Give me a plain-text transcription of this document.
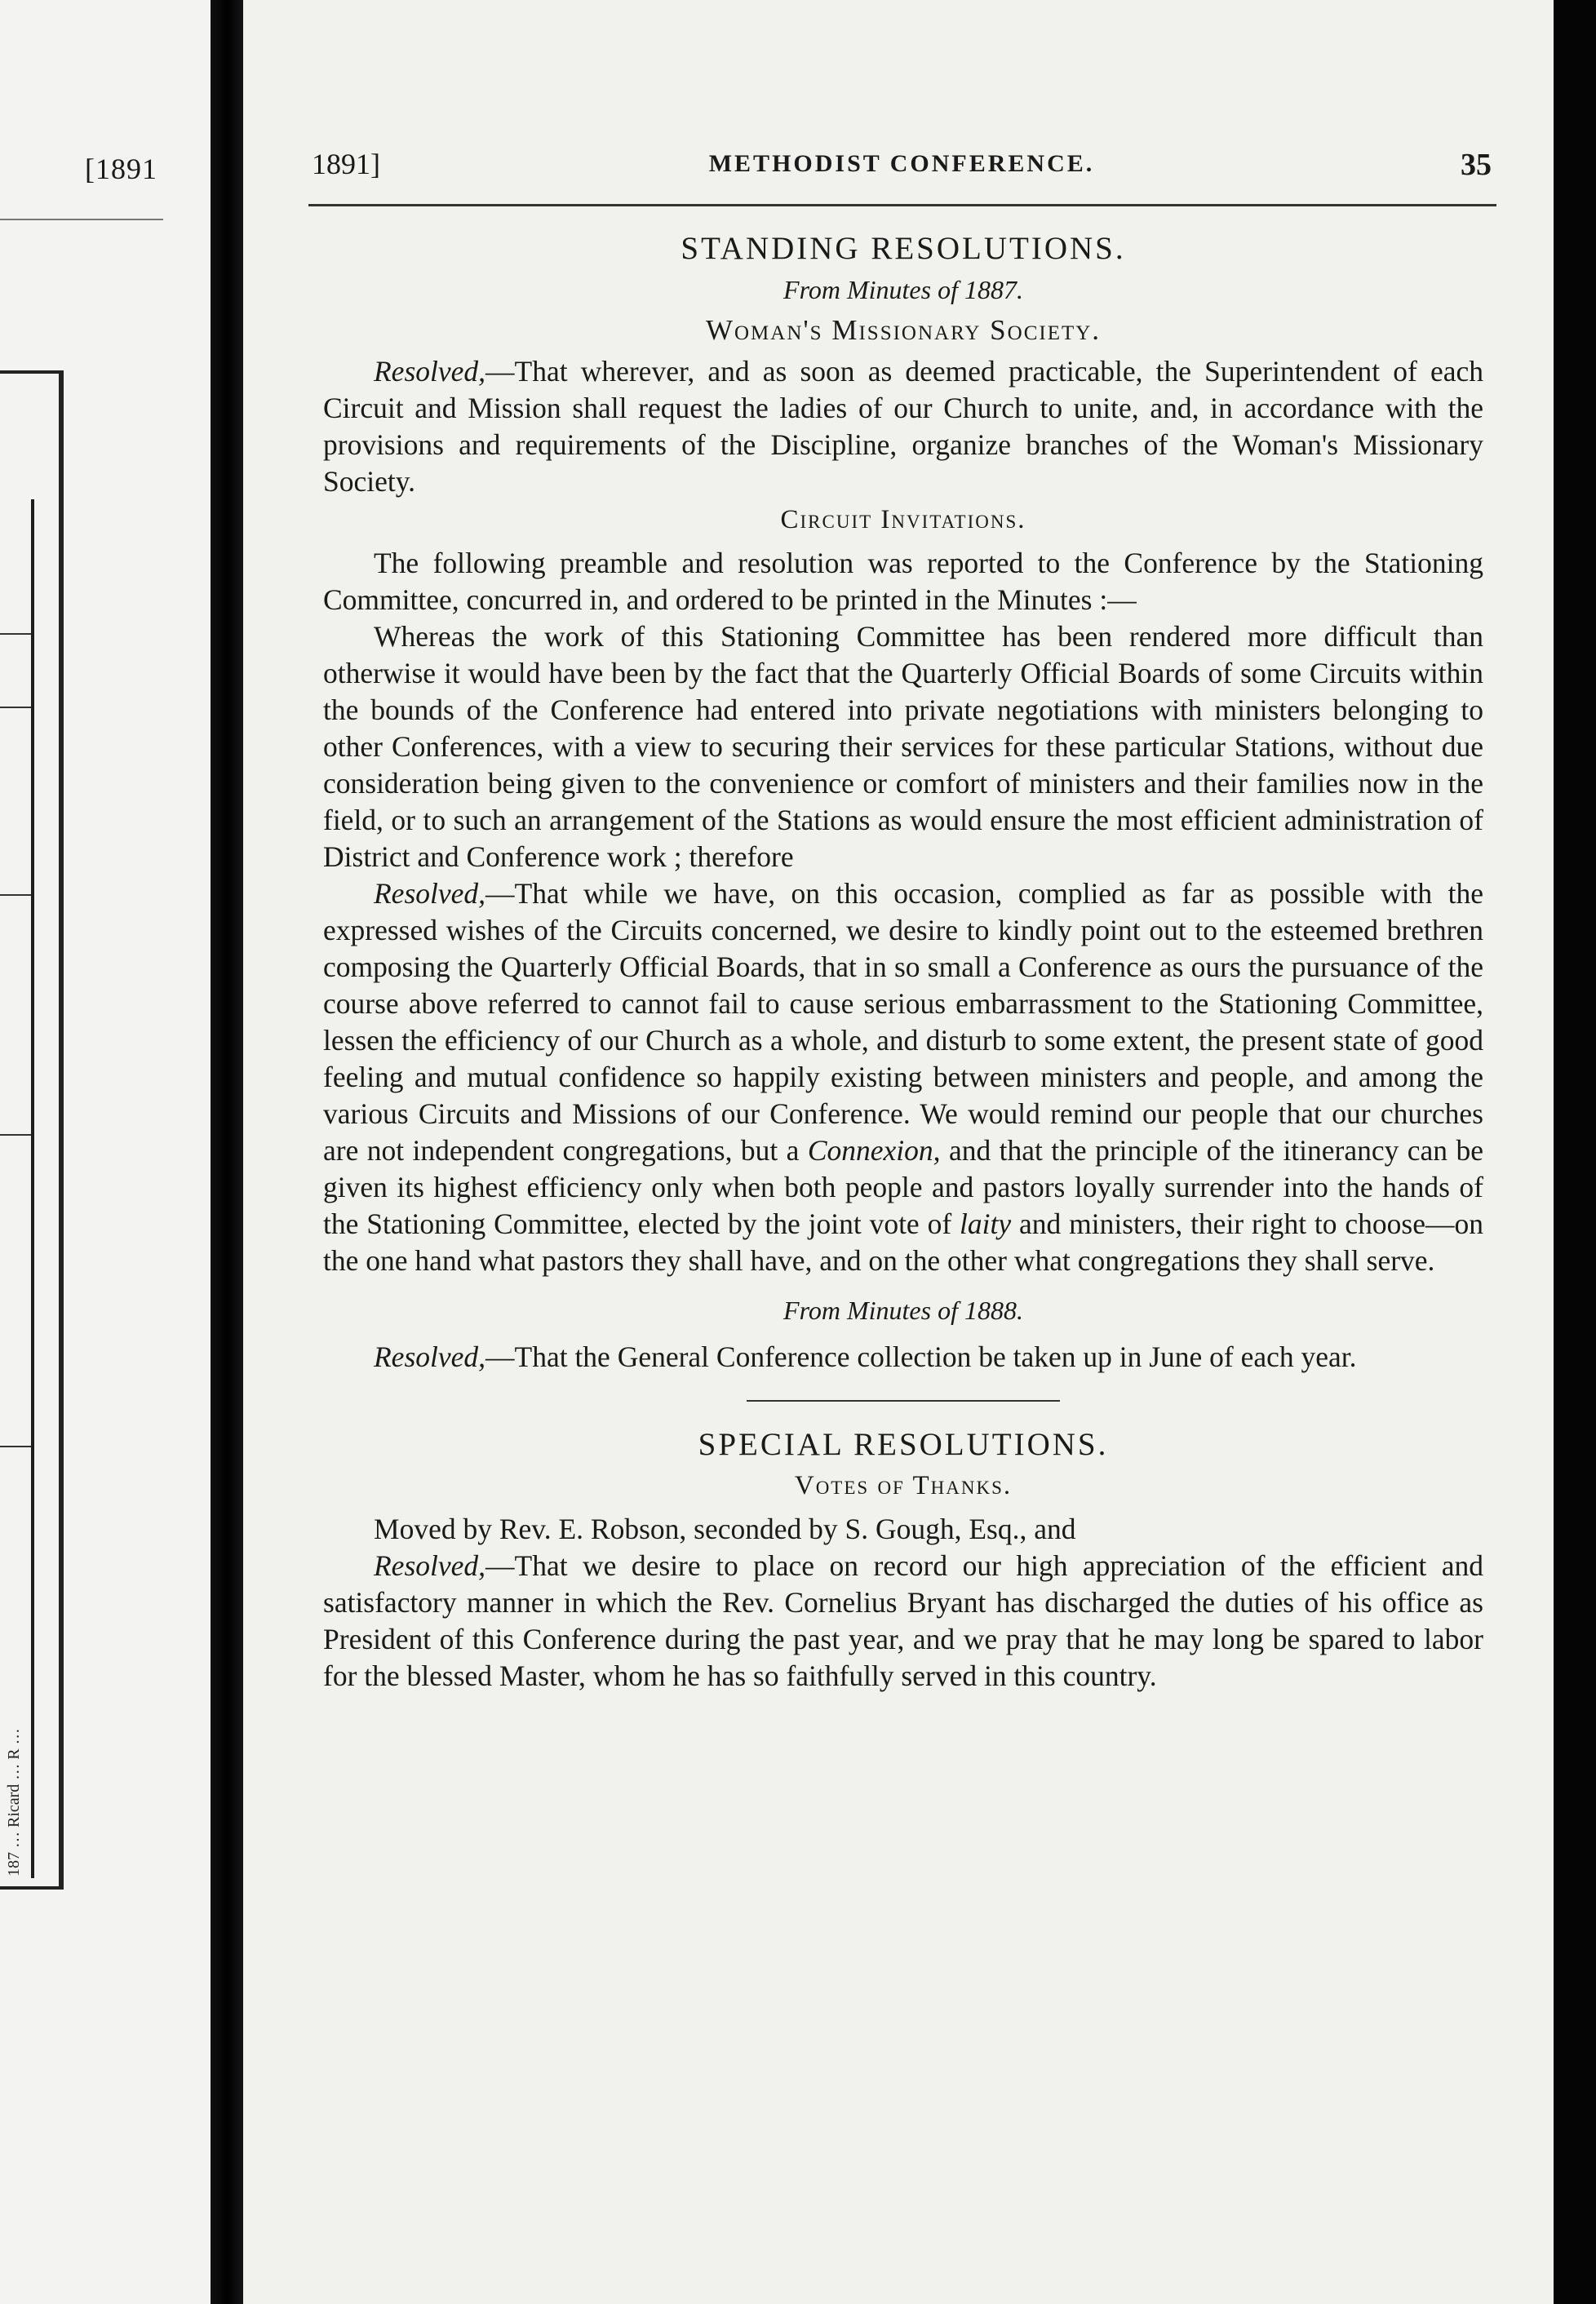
[1891
187 … Ricard … R …
1891]	METHODIST CONFERENCE.	35
STANDING RESOLUTIONS.
From Minutes of 1887.
Woman's Missionary Society.

Resolved,—That wherever, and as soon as deemed practicable, the Superintendent of each Circuit and Mission shall request the ladies of our Church to unite, and, in accordance with the provisions and requirements of the Discipline, organize branches of the Woman's Missionary Society.

Circuit Invitations.

The following preamble and resolution was reported to the Conference by the Stationing Committee, concurred in, and ordered to be printed in the Minutes :—

Whereas the work of this Stationing Committee has been rendered more difficult than otherwise it would have been by the fact that the Quarterly Official Boards of some Circuits within the bounds of the Conference had entered into private negotiations with ministers belonging to other Conferences, with a view to securing their services for these particular Stations, without due consideration being given to the convenience or comfort of ministers and their families now in the field, or to such an arrangement of the Stations as would ensure the most efficient administration of District and Conference work ; therefore

Resolved,—That while we have, on this occasion, complied as far as possible with the expressed wishes of the Circuits concerned, we desire to kindly point out to the esteemed brethren composing the Quarterly Official Boards, that in so small a Conference as ours the pursuance of the course above referred to cannot fail to cause serious embarrassment to the Stationing Committee, lessen the efficiency of our Church as a whole, and disturb to some extent, the present state of good feeling and mutual confidence so happily existing between ministers and people, and among the various Circuits and Missions of our Conference. We would remind our people that our churches are not independent congregations, but a Connexion, and that the principle of the itinerancy can be given its highest efficiency only when both people and pastors loyally surrender into the hands of the Stationing Committee, elected by the joint vote of laity and ministers, their right to choose—on the one hand what pastors they shall have, and on the other what congregations they shall serve.

From Minutes of 1888.

Resolved,—That the General Conference collection be taken up in June of each year.

SPECIAL RESOLUTIONS.
Votes of Thanks.

Moved by Rev. E. Robson, seconded by S. Gough, Esq., and

Resolved,—That we desire to place on record our high appreciation of the efficient and satisfactory manner in which the Rev. Cornelius Bryant has discharged the duties of his office as President of this Conference during the past year, and we pray that he may long be spared to labor for the blessed Master, whom he has so faithfully served in this country.
